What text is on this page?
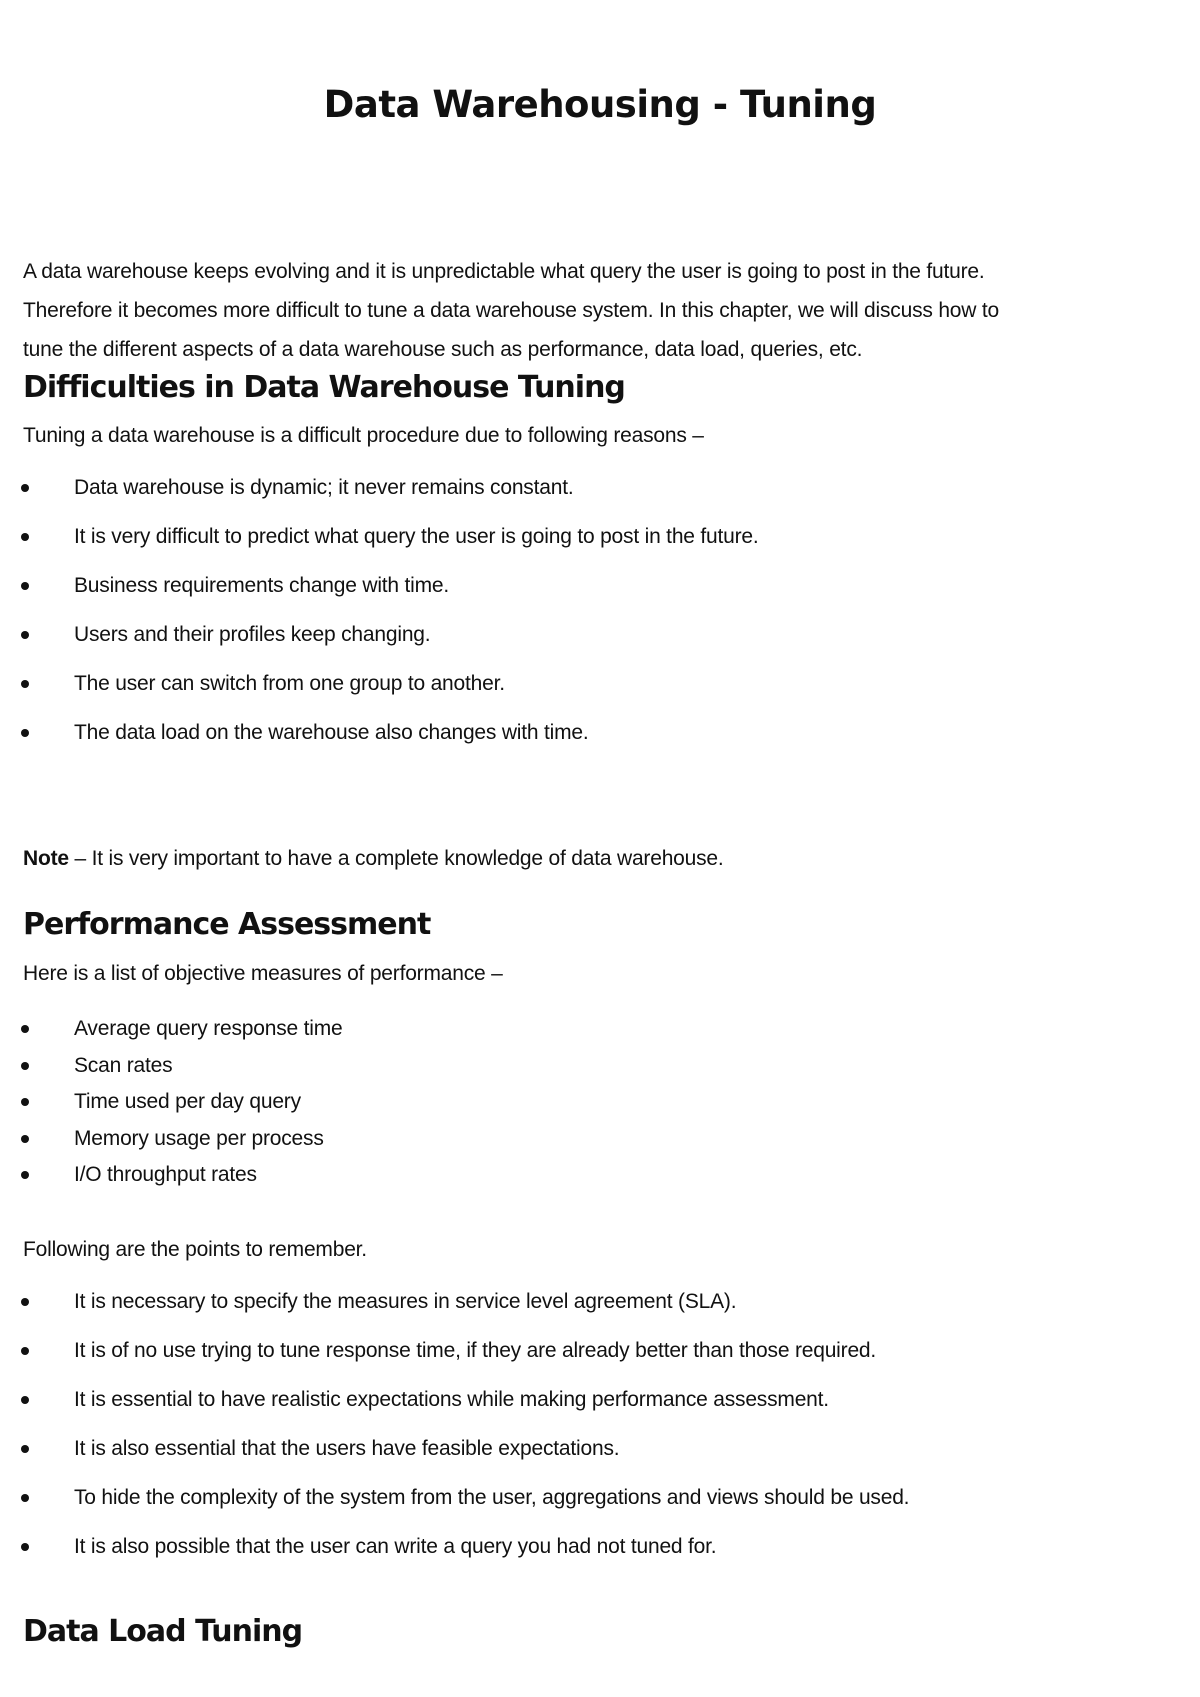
Data Warehousing - Tuning

A data warehouse keeps evolving and it is unpredictable what query the user is going to post in the future.
Therefore it becomes more difficult to tune a data warehouse system. In this chapter, we will discuss how to
tune the different aspects of a data warehouse such as performance, data load, queries, etc.

Difficulties in Data Warehouse Tuning

Tuning a data warehouse is a difficult procedure due to following reasons –

Data warehouse is dynamic; it never remains constant.
It is very difficult to predict what query the user is going to post in the future.
Business requirements change with time.
Users and their profiles keep changing.
The user can switch from one group to another.
The data load on the warehouse also changes with time.

Note – It is very important to have a complete knowledge of data warehouse.

Performance Assessment

Here is a list of objective measures of performance –

Average query response time
Scan rates
Time used per day query
Memory usage per process
I/O throughput rates

Following are the points to remember.

It is necessary to specify the measures in service level agreement (SLA).
It is of no use trying to tune response time, if they are already better than those required.
It is essential to have realistic expectations while making performance assessment.
It is also essential that the users have feasible expectations.
To hide the complexity of the system from the user, aggregations and views should be used.
It is also possible that the user can write a query you had not tuned for.
Data Load Tuning
